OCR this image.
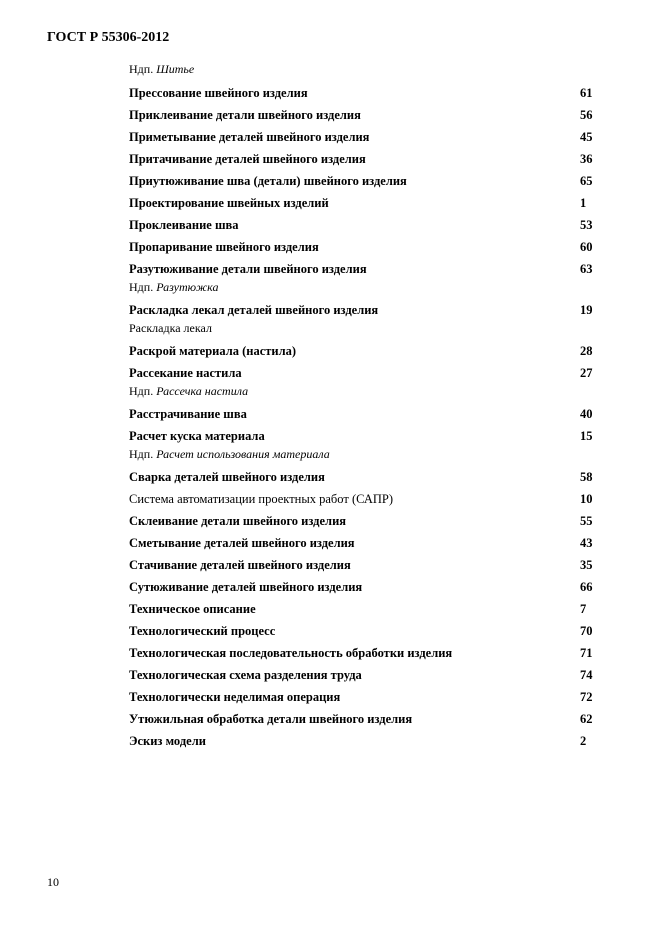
ГОСТ Р 55306-2012
Ндп. Шитье
Прессование швейного изделия	61
Приклеивание детали швейного изделия	56
Приметывание деталей швейного изделия	45
Притачивание деталей швейного изделия	36
Приутюживание шва (детали) швейного изделия	65
Проектирование швейных изделий	1
Проклеивание шва	53
Пропаривание швейного изделия	60
Разутюживание детали швейного изделия	63
Ндп. Разутюжка
Раскладка лекал деталей швейного изделия	19
Раскладка лекал
Раскрой материала (настила)	28
Рассекание настила	27
Ндп. Рассечка настила
Расстрачивание шва	40
Расчет куска материала	15
Ндп. Расчет использования материала
Сварка деталей швейного изделия	58
Система автоматизации проектных работ (САПР)	10
Склеивание детали швейного изделия	55
Сметывание деталей швейного изделия	43
Стачивание деталей швейного изделия	35
Сутюживание деталей швейного изделия	66
Техническое описание	7
Технологический процесс	70
Технологическая последовательность обработки изделия	71
Технологическая схема разделения труда	74
Технологически неделимая операция	72
Утюжильная обработка детали швейного изделия	62
Эскиз модели	2
10
